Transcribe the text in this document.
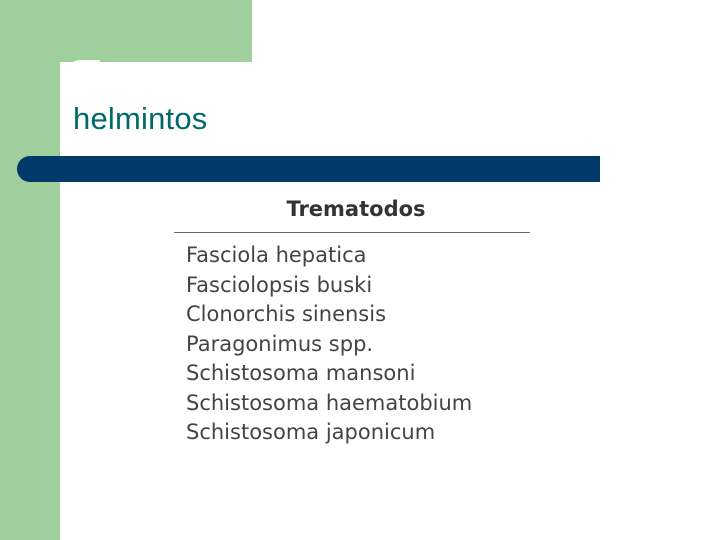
helmintos
Trematodos
Fasciola hepatica
Fasciolopsis buski
Clonorchis sinensis
Paragonimus spp.
Schistosoma mansoni
Schistosoma haematobium
Schistosoma japonicum
